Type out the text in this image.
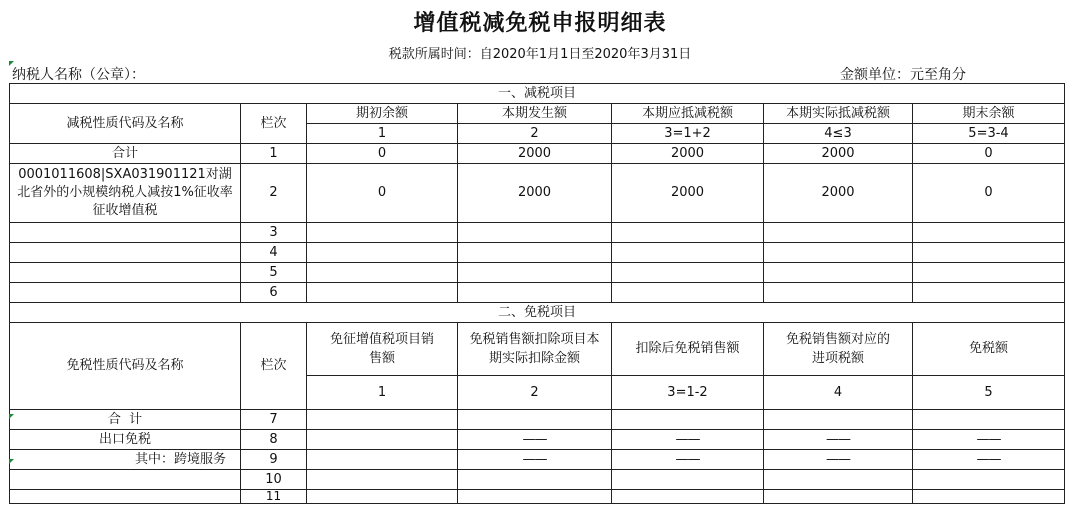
增值税减免税申报明细表
税款所属时间：自2020年1月1日至2020年3月31日
纳税人名称（公章）：	金额单位：元至角分
一、减税项目						
减税性质代码及名称	栏次	期初余额	本期发生额	本期应抵减税额	本期实际抵减税额	期末余额
		1	2	3=1+2	4≤3	5=3-4
合计	1	0	2000	2000	2000	0
0001011608|SXA031901121对湖北省外的小规模纳税人减按1%征收率征收增值税	2	0	2000	2000	2000	0
	3					
	4					
	5					
	6					
二、免税项目						
免税性质代码及名称	栏次	免征增值税项目销售额	免税销售额扣除项目本期实际扣除金额	扣除后免税销售额	免税销售额对应的进项税额	免税额
		1	2	3=1-2	4	5
合  计	7					
出口免税	8		——	——	——	——
其中：跨境服务	9		——	——	——	——
	10					
	11					
